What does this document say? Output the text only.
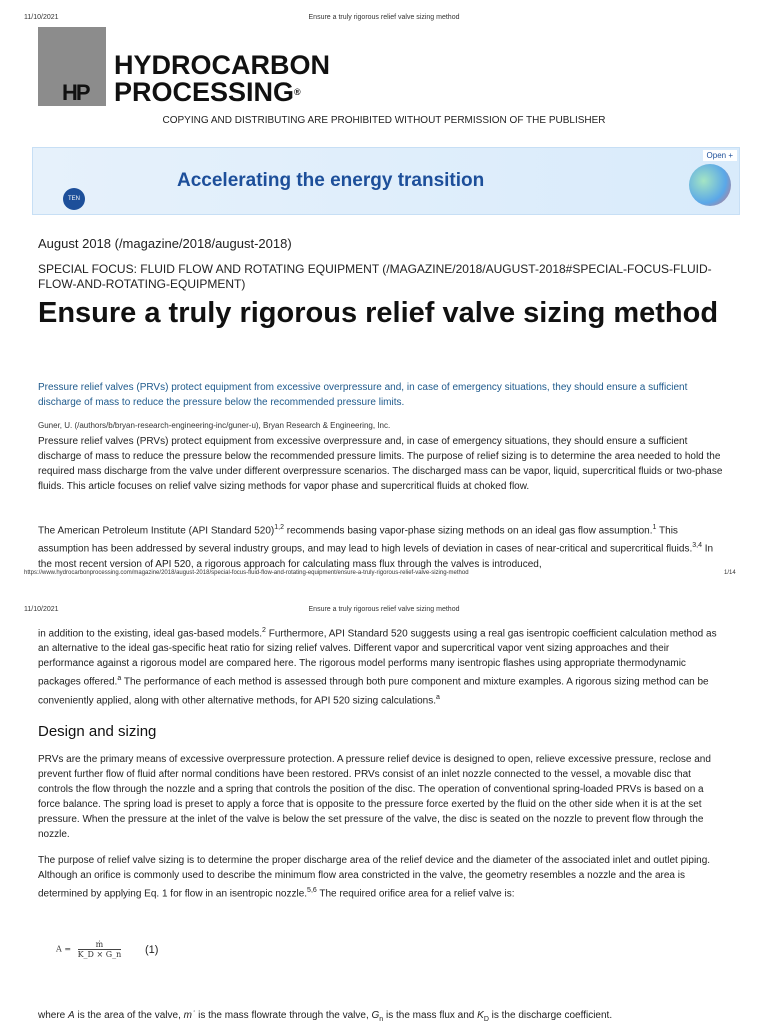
11/10/2021	Ensure a truly rigorous relief valve sizing method
HP
HYDROCARBON
PROCESSING®
COPYING AND DISTRIBUTING ARE PROHIBITED WITHOUT PERMISSION OF THE PUBLISHER
TEN
Accelerating the energy transition
Open +
August 2018 (/magazine/2018/august-2018)
SPECIAL FOCUS: FLUID FLOW AND ROTATING EQUIPMENT (/MAGAZINE/2018/AUGUST-2018#SPECIAL-FOCUS-FLUID-FLOW-AND-ROTATING-EQUIPMENT)
Ensure a truly rigorous relief valve sizing method
Pressure relief valves (PRVs) protect equipment from excessive overpressure and, in case of emergency situations, they should ensure a sufficient discharge of mass to reduce the pressure below the recommended pressure limits.
Guner, U. (/authors/b/bryan-research-engineering-inc/guner-u), Bryan Research & Engineering, Inc.

Pressure relief valves (PRVs) protect equipment from excessive overpressure and, in case of emergency situations, they should ensure a sufficient discharge of mass to reduce the pressure below the recommended pressure limits. The purpose of relief sizing is to determine the area needed to hold the required mass discharge from the valve under different overpressure scenarios. The discharged mass can be vapor, liquid, supercritical fluids or two-phase fluids. This article focuses on relief valve sizing methods for vapor phase and supercritical fluids at choked flow.

The American Petroleum Institute (API Standard 520)$^{1,2}$ recommends basing vapor-phase sizing methods on an ideal gas flow assumption.$^1$ This assumption has been addressed by several industry groups, and may lead to high levels of deviation in cases of near-critical and supercritical fluids.$^{3,4}$ In the most recent version of API 520, a rigorous approach for calculating mass flux through the valves is introduced,

https://www.hydrocarbonprocessing.com/magazine/2018/august-2018/special-focus-fluid-flow-and-rotating-equipment/ensure-a-truly-rigorous-relief-valve-sizing-method	1/14
11/10/2021	Ensure a truly rigorous relief valve sizing method

in addition to the existing, ideal gas-based models.$^2$ Furthermore, API Standard 520 suggests using a real gas isentropic coefficient calculation method as an alternative to the ideal gas-specific heat ratio for sizing relief valves. Different vapor and supercritical vapor vent sizing approaches and their performance against a rigorous model are compared here. The rigorous model performs many isentropic flashes using appropriate thermodynamic packages offered.$^a$ The performance of each method is assessed through both pure component and mixture examples. A rigorous sizing method can be conveniently applied, along with other alternative methods, for API 520 sizing calculations.$^a$

Design and sizing

PRVs are the primary means of excessive overpressure protection. A pressure relief device is designed to open, relieve excessive pressure, reclose and prevent further flow of fluid after normal conditions have been restored. PRVs consist of an inlet nozzle connected to the vessel, a movable disc that controls the flow through the nozzle and a spring that controls the position of the disc. The operation of conventional spring-loaded PRVs is based on a force balance. The spring load is preset to apply a force that is opposite to the pressure force exerted by the fluid on the other side when it is at the set pressure. When the pressure at the inlet of the valve is below the set pressure of the valve, the disc is seated on the nozzle to prevent flow through the nozzle.

The purpose of relief valve sizing is to determine the proper discharge area of the relief device and the diameter of the associated inlet and outlet piping. Although an orifice is commonly used to describe the minimum flow area constricted in the valve, the geometry resembles a nozzle and the area is determined by applying Eq. 1 for flow in an isentropic nozzle.$^{5,6}$ The required orifice area for a relief valve is:

$A = \frac{\text{ṁ}}{K\_D \times G\_n} (1)$
where A is the area of the valve, m˙ is the mass flowrate through the valve, $G_n$ is the mass flux and $K_D$ is the discharge coefficient.
